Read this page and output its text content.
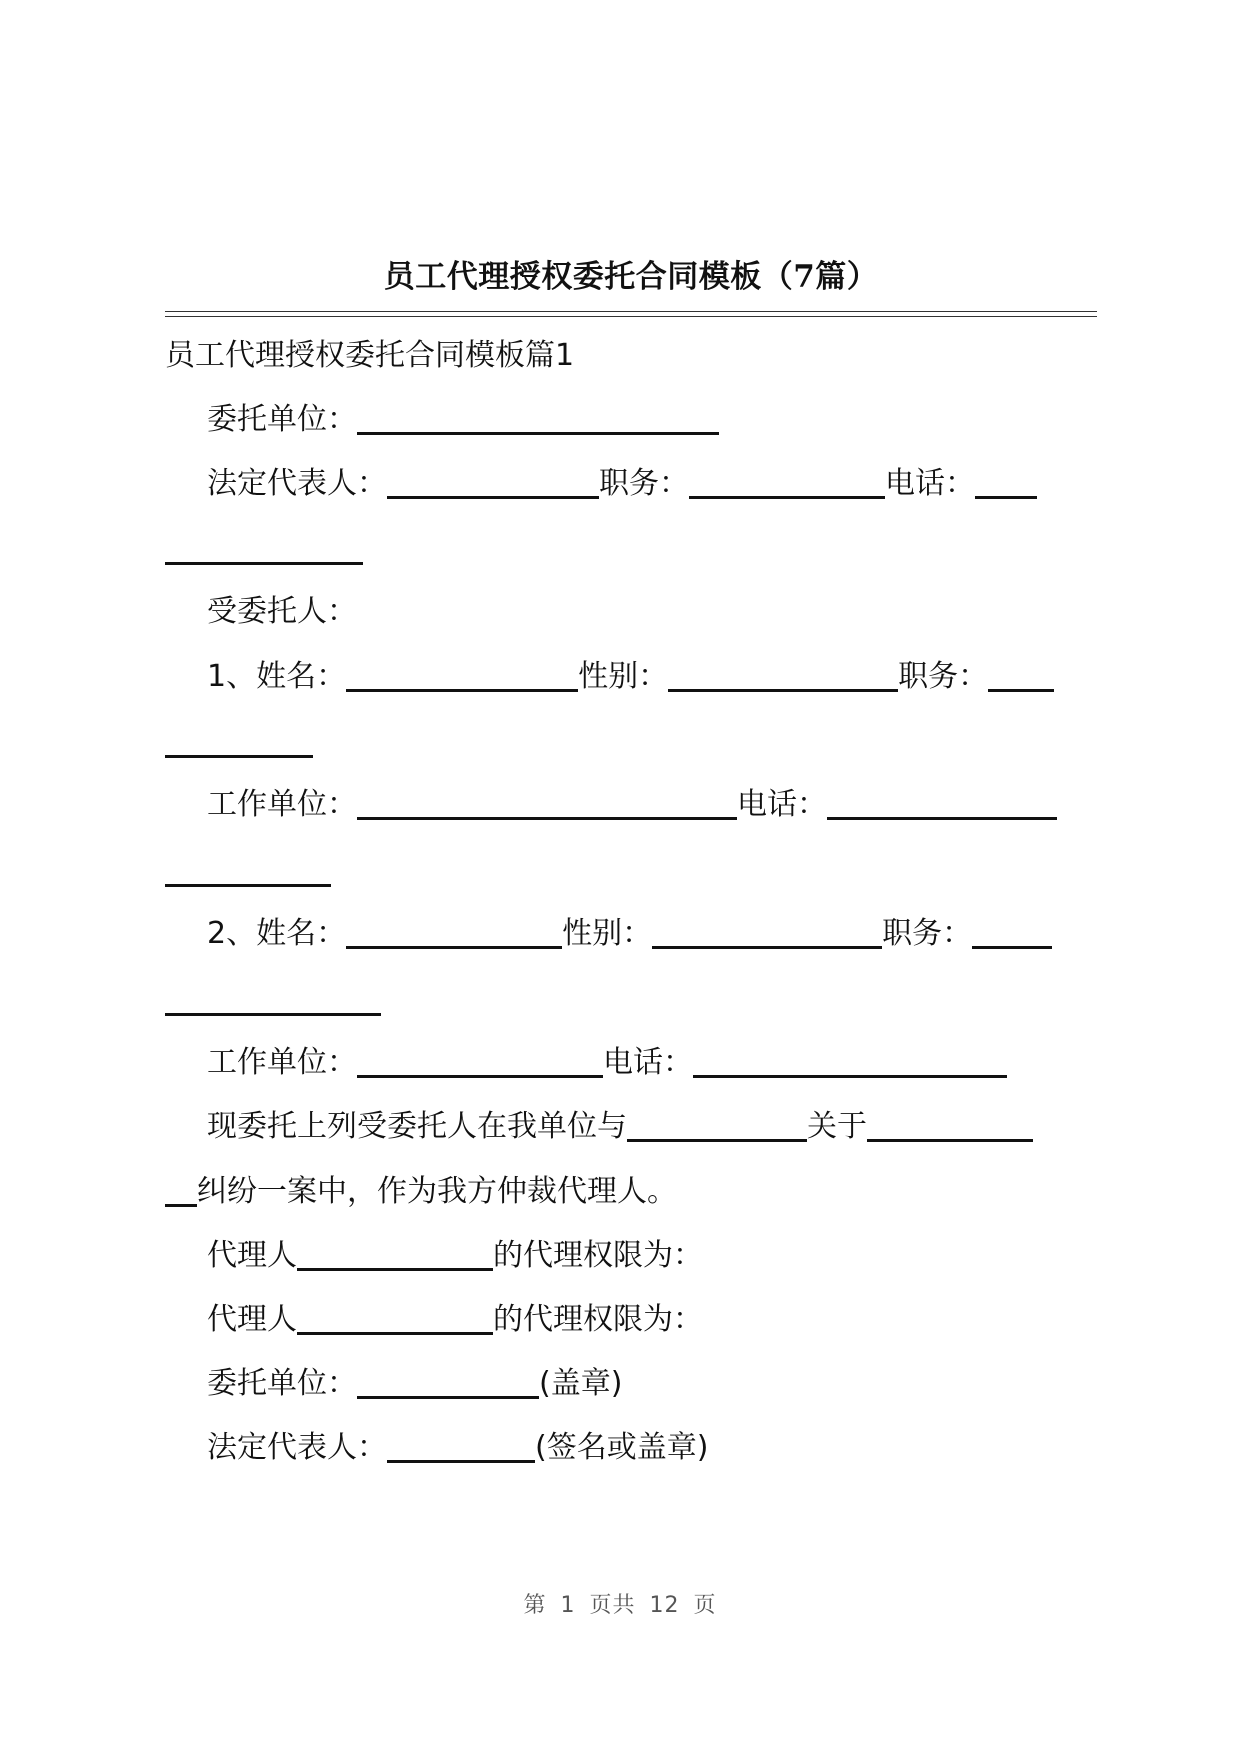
员工代理授权委托合同模板（7篇）
员工代理授权委托合同模板篇1
委托单位：
法定代表人：	职务：	电话：
受委托人：
1、姓名：	性别：	职务：
工作单位：	电话：
2、姓名：	性别：	职务：
工作单位：	电话：
现委托上列受委托人在我单位与	关于
纠纷一案中，作为我方仲裁代理人。
代理人	的代理权限为：
代理人	的代理权限为：
委托单位：	(盖章)
法定代表人：	(签名或盖章)
第 1 页共 12 页
